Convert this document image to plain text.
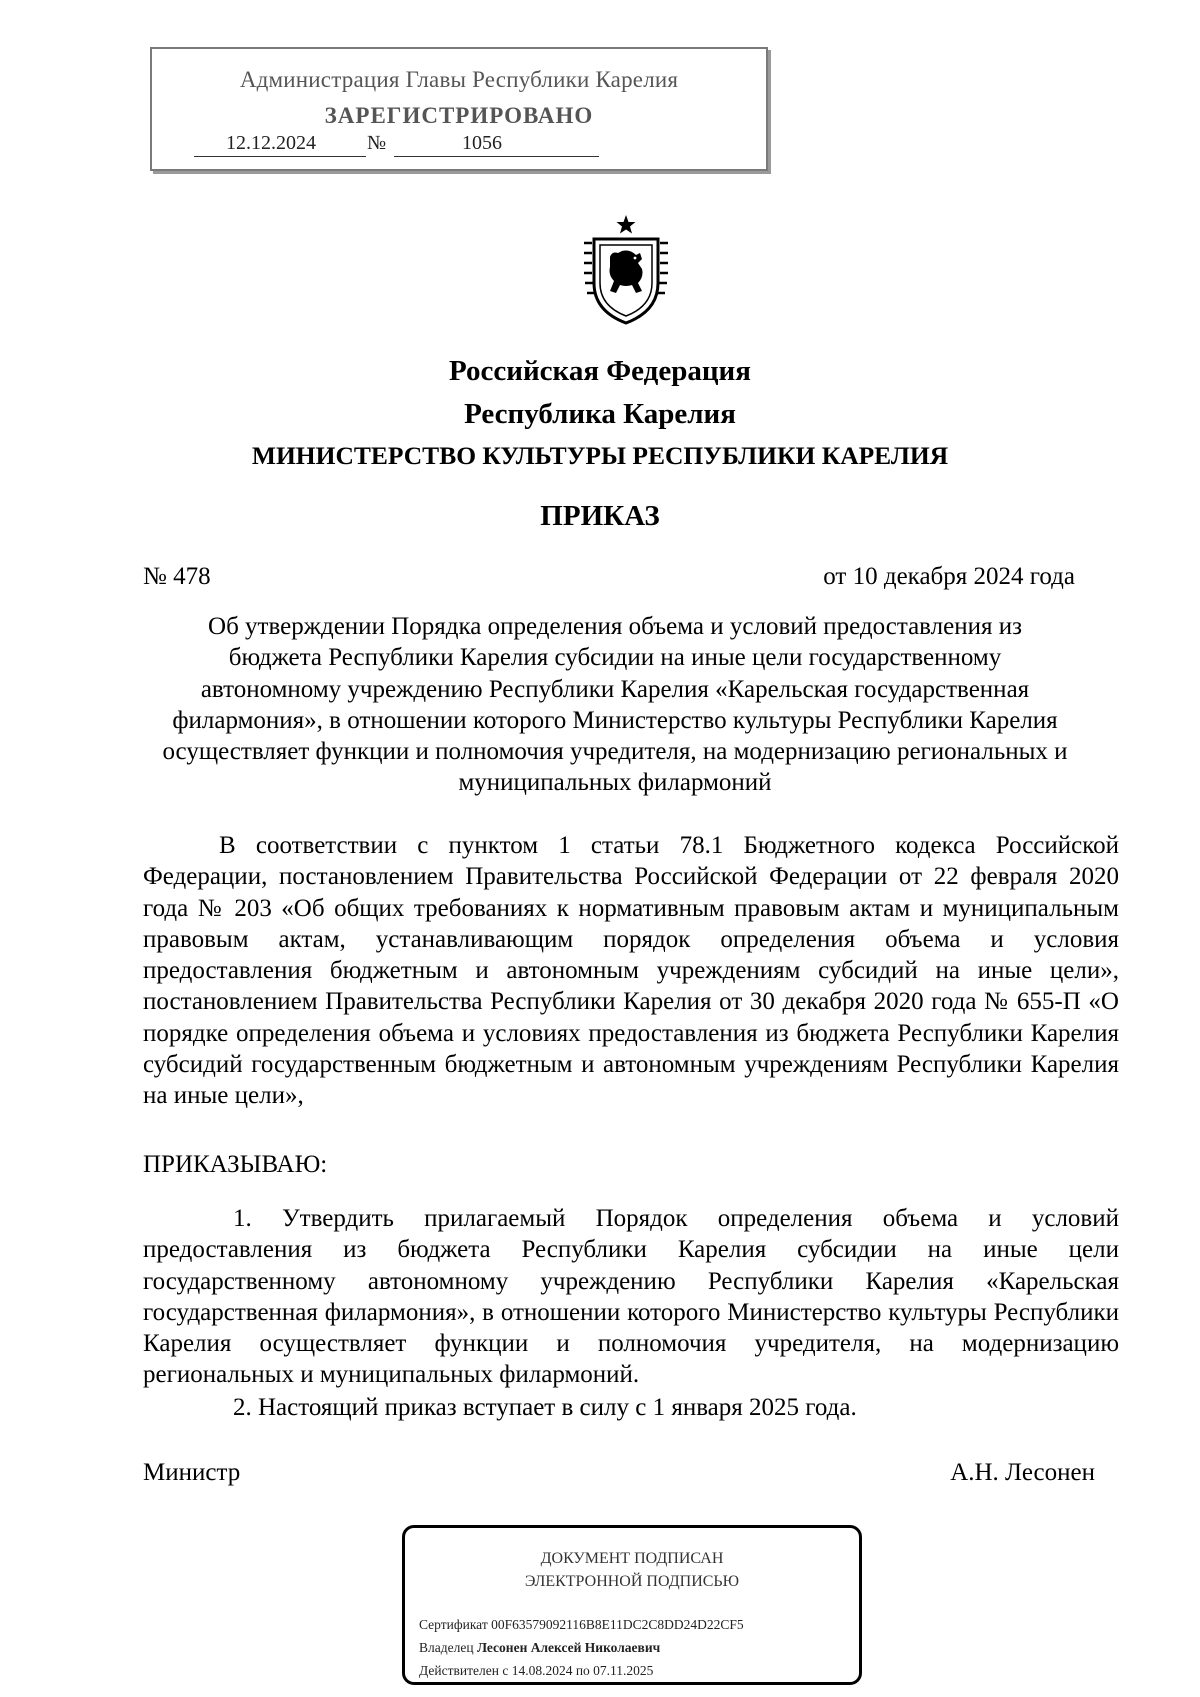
Администрация Главы Республики Карелия
ЗАРЕГИСТРИРОВАНО
12.12.2024	№	1056
Российская Федерация
Республика Карелия
МИНИСТЕРСТВО КУЛЬТУРЫ РЕСПУБЛИКИ КАРЕЛИЯ
ПРИКАЗ
№ 478	от 10 декабря 2024 года
Об утверждении Порядка определения объема и условий предоставления из бюджета Республики Карелия субсидии на иные цели государственному автономному учреждению Республики Карелия «Карельская государственная филармония», в отношении которого Министерство культуры Республики Карелия осуществляет функции и полномочия учредителя, на модернизацию региональных и муниципальных филармоний
В соответствии с пунктом 1 статьи 78.1 Бюджетного кодекса Российской Федерации, постановлением Правительства Российской Федерации от 22 февраля 2020 года № 203 «Об общих требованиях к нормативным правовым актам и муниципальным правовым актам, устанавливающим порядок определения объема и условия предоставления бюджетным и автономным учреждениям субсидий на иные цели», постановлением Правительства Республики Карелия от 30 декабря 2020 года № 655-П «О порядке определения объема и условиях предоставления из бюджета Республики Карелия субсидий государственным бюджетным и автономным учреждениям Республики Карелия на иные цели»,
ПРИКАЗЫВАЮ:
1. Утвердить прилагаемый Порядок определения объема и условий предоставления из бюджета Республики Карелия субсидии на иные цели государственному автономному учреждению Республики Карелия «Карельская государственная филармония», в отношении которого Министерство культуры Республики Карелия осуществляет функции и полномочия учредителя, на модернизацию региональных и муниципальных филармоний.
2. Настоящий приказ вступает в силу с 1 января 2025 года.
Министр	А.Н. Лесонен
ДОКУМЕНТ ПОДПИСАН
ЭЛЕКТРОННОЙ ПОДПИСЬЮ
Сертификат 00F63579092116B8E11DC2C8DD24D22CF5
Владелец Лесонен Алексей Николаевич
Действителен с 14.08.2024 по 07.11.2025
